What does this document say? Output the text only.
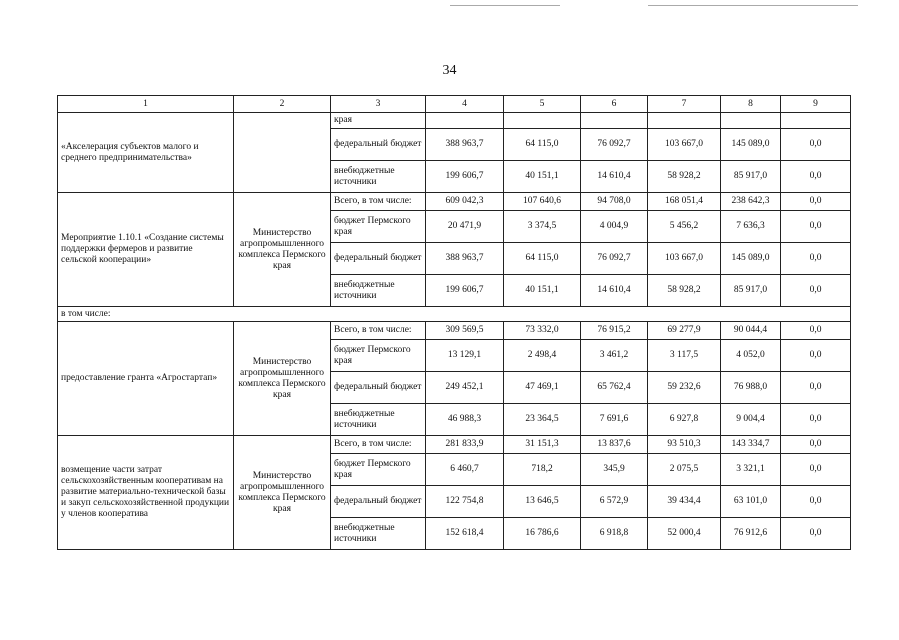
34
1	2	3	4	5	6	7	8	9
«Акселерация субъектов малого и среднего предпринимательства»		края						
		федеральный бюджет	388 963,7	64 115,0	76 092,7	103 667,0	145 089,0	0,0
		внебюджетные источники	199 606,7	40 151,1	14 610,4	58 928,2	85 917,0	0,0
Мероприятие 1.10.1 «Создание системы поддержки фермеров и развитие сельской кооперации»	Министерство агропромышленного комплекса Пермского края	Всего, в том числе:	609 042,3	107 640,6	94 708,0	168 051,4	238 642,3	0,0
		бюджет Пермского края	20 471,9	3 374,5	4 004,9	5 456,2	7 636,3	0,0
		федеральный бюджет	388 963,7	64 115,0	76 092,7	103 667,0	145 089,0	0,0
		внебюджетные источники	199 606,7	40 151,1	14 610,4	58 928,2	85 917,0	0,0
в том числе:								
предоставление гранта «Агростартап»	Министерство агропромышленного комплекса Пермского края	Всего, в том числе:	309 569,5	73 332,0	76 915,2	69 277,9	90 044,4	0,0
		бюджет Пермского края	13 129,1	2 498,4	3 461,2	3 117,5	4 052,0	0,0
		федеральный бюджет	249 452,1	47 469,1	65 762,4	59 232,6	76 988,0	0,0
		внебюджетные источники	46 988,3	23 364,5	7 691,6	6 927,8	9 004,4	0,0
возмещение части затрат сельскохозяйственным кооперативам на развитие материально-технической базы и закуп сельскохозяйственной продукции у членов кооператива	Министерство агропромышленного комплекса Пермского края	Всего, в том числе:	281 833,9	31 151,3	13 837,6	93 510,3	143 334,7	0,0
		бюджет Пермского края	6 460,7	718,2	345,9	2 075,5	3 321,1	0,0
		федеральный бюджет	122 754,8	13 646,5	6 572,9	39 434,4	63 101,0	0,0
		внебюджетные источники	152 618,4	16 786,6	6 918,8	52 000,4	76 912,6	0,0
